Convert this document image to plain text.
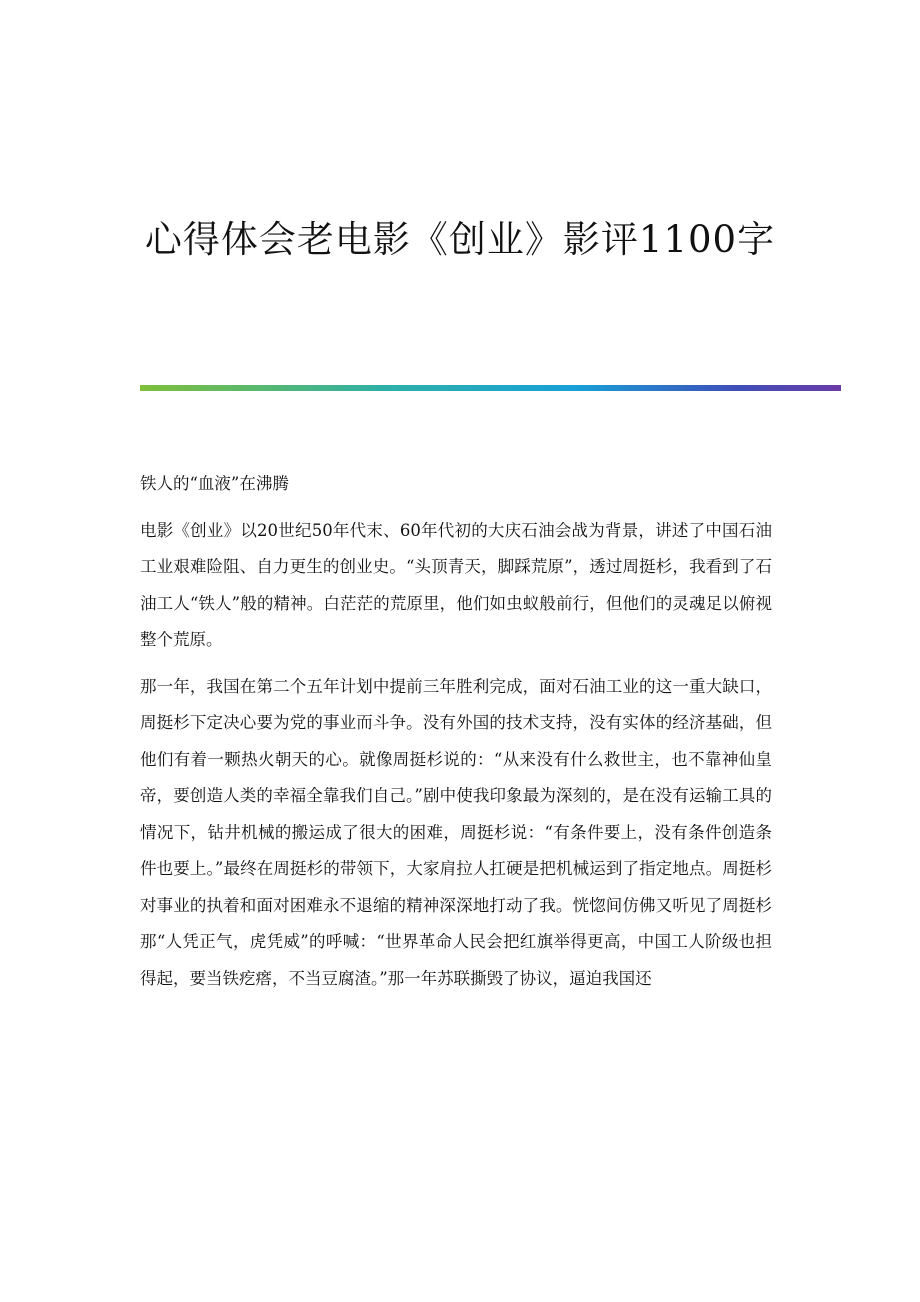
心得体会老电影《创业》影评1100字

铁人的“血液”在沸腾

电影《创业》以20世纪50年代末、60年代初的大庆石油会战为背景，讲述了中国石油工业艰难险阻、自力更生的创业史。“头顶青天，脚踩荒原”，透过周挺杉，我看到了石油工人“铁人”般的精神。白茫茫的荒原里，他们如虫蚁般前行，但他们的灵魂足以俯视整个荒原。

那一年，我国在第二个五年计划中提前三年胜利完成，面对石油工业的这一重大缺口，周挺杉下定决心要为党的事业而斗争。没有外国的技术支持，没有实体的经济基础，但他们有着一颗热火朝天的心。就像周挺杉说的：“从来没有什么救世主，也不靠神仙皇帝，要创造人类的幸福全靠我们自己。”剧中使我印象最为深刻的，是在没有运输工具的情况下，钻井机械的搬运成了很大的困难，周挺杉说：“有条件要上，没有条件创造条件也要上。”最终在周挺杉的带领下，大家肩拉人扛硬是把机械运到了指定地点。周挺杉对事业的执着和面对困难永不退缩的精神深深地打动了我。恍惚间仿佛又听见了周挺杉那“人凭正气，虎凭威”的呼喊：“世界革命人民会把红旗举得更高，中国工人阶级也担得起，要当铁疙瘩，不当豆腐渣。”那一年苏联撕毁了协议，逼迫我国还
